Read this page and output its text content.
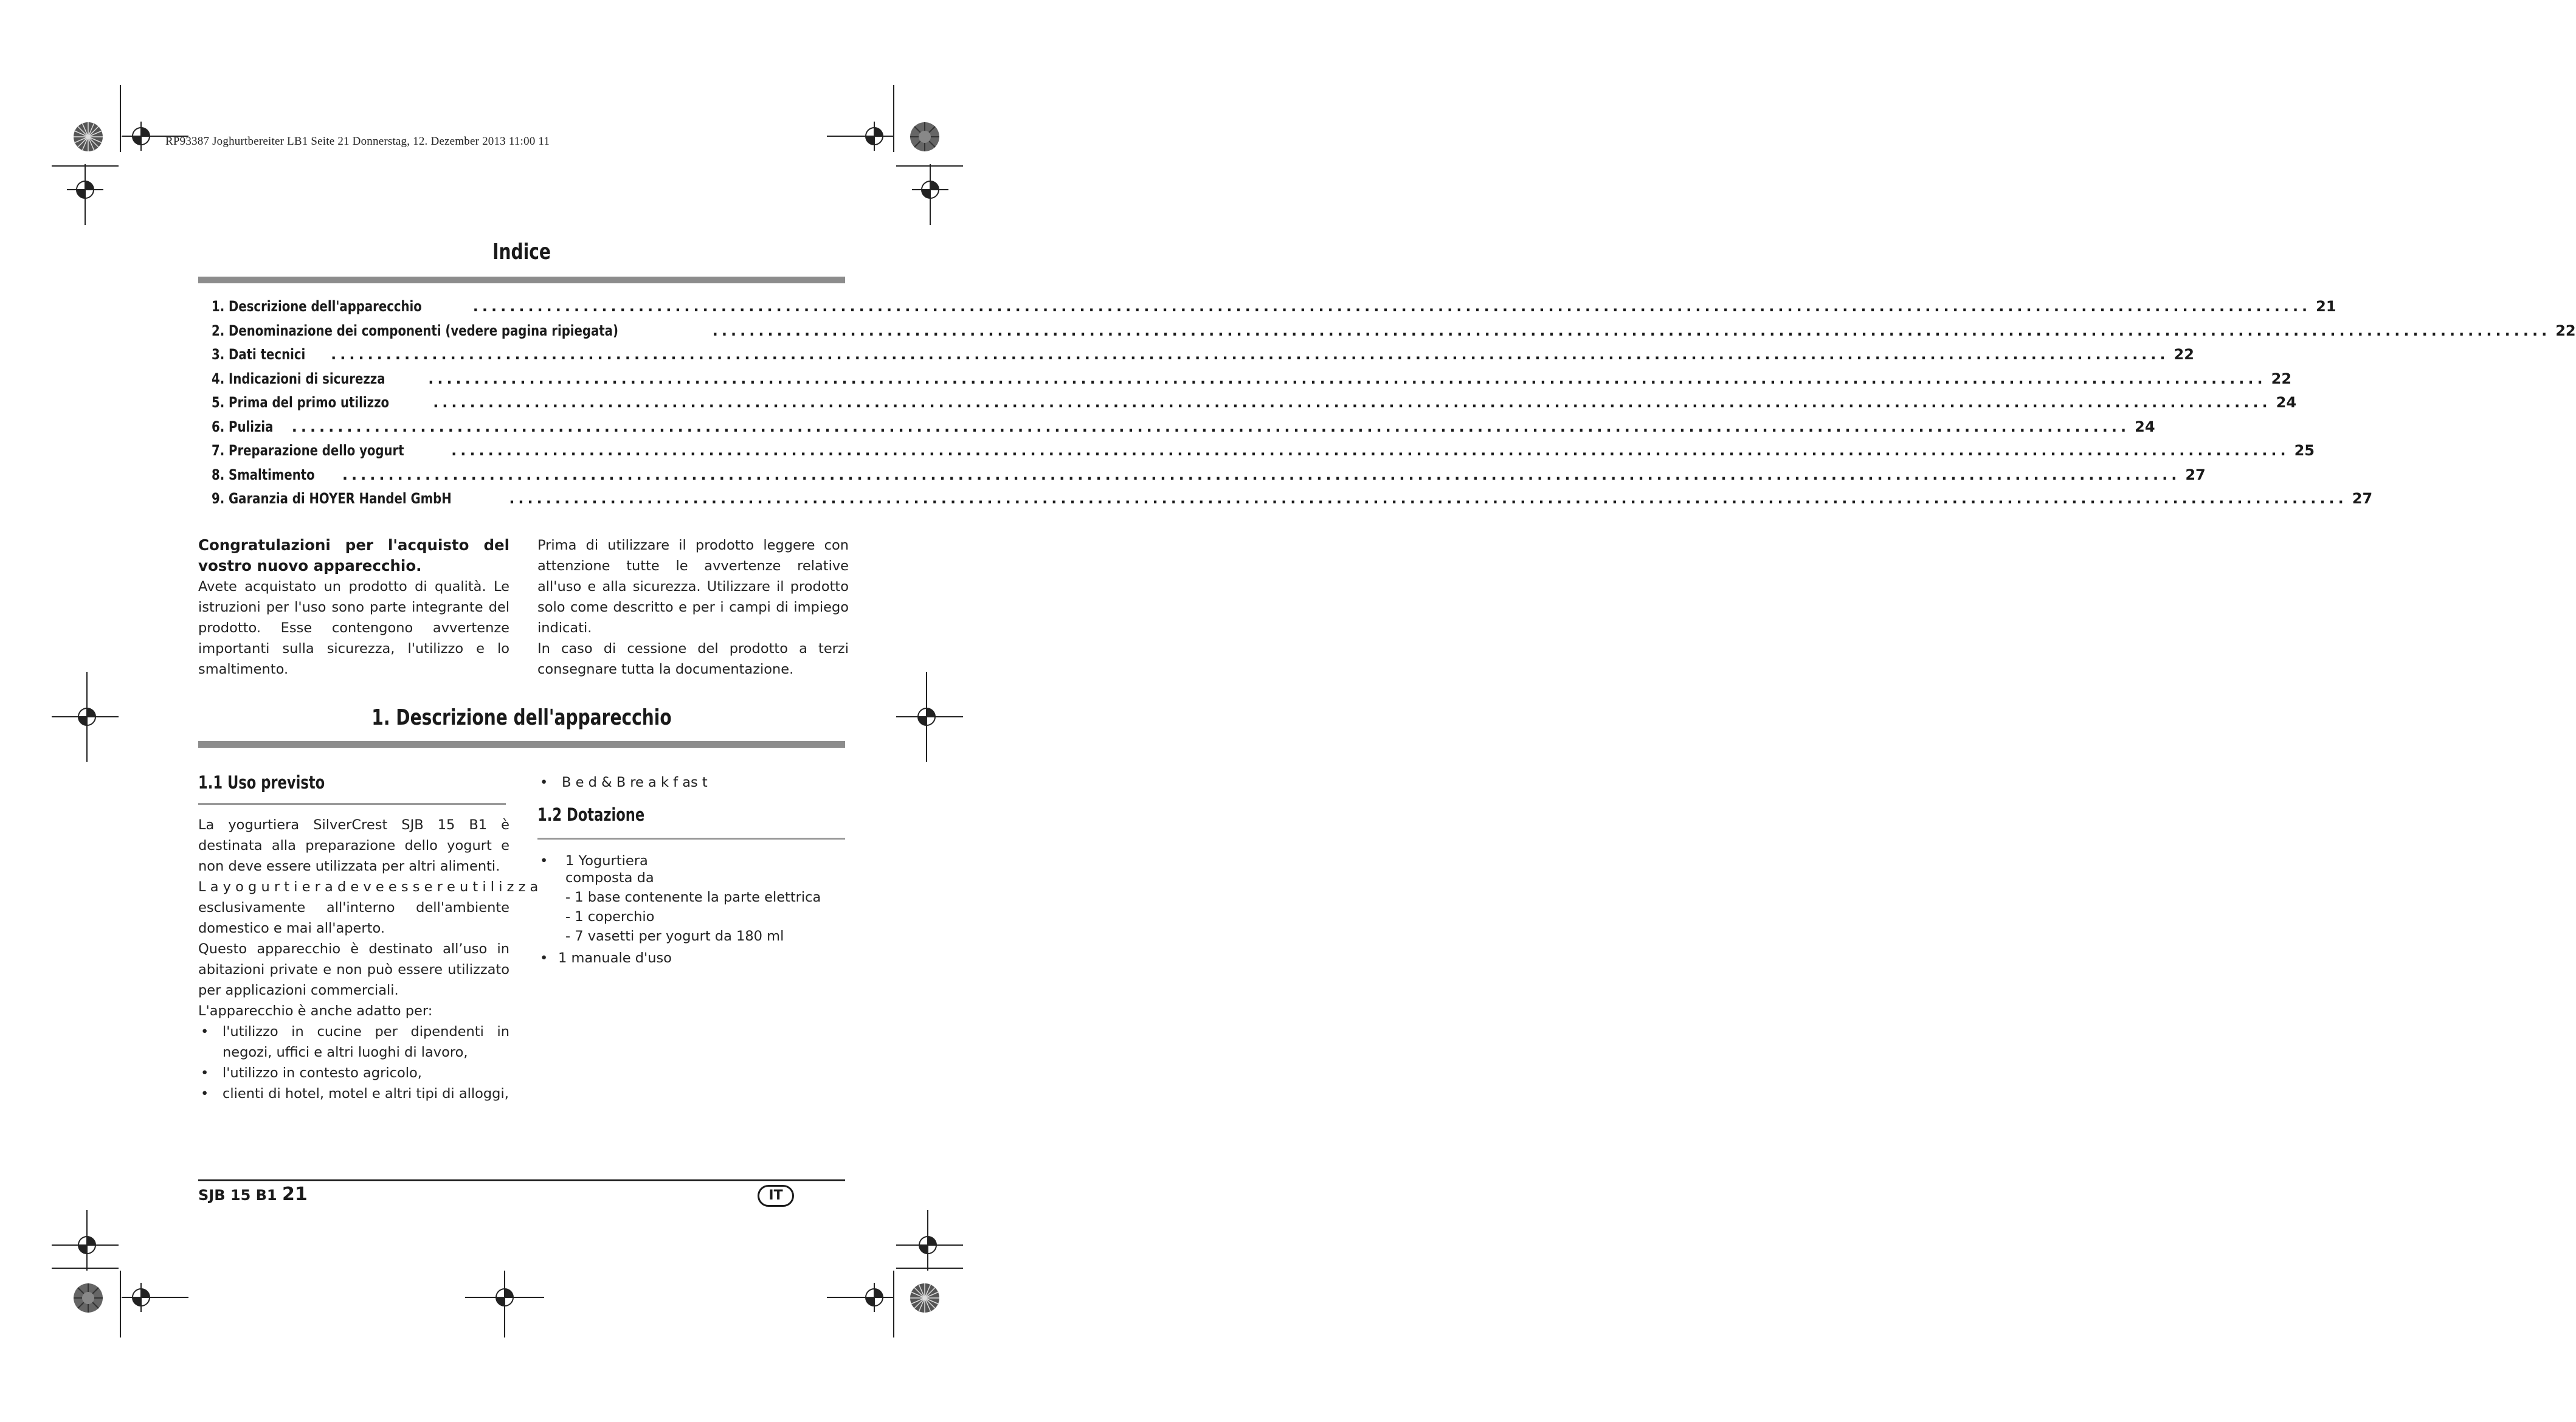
RP93387 Joghurtbereiter LB1 Seite 21 Donnerstag, 12. Dezember 2013 11:00 11
Indice
1. Descrizione dell'apparecchio	........................................................................................................................................................................................................ 21
2. Denominazione dei componenti (vedere pagina ripiegata)	........................................................................................................................................................................................................ 22
3. Dati tecnici ........................................................................................................................................................................................................ 22
4. Indicazioni di sicurezza	........................................................................................................................................................................................................ 22
5. Prima del primo utilizzo	........................................................................................................................................................................................................ 24
6. Pulizia ........................................................................................................................................................................................................ 24
7. Preparazione dello yogurt	........................................................................................................................................................................................................ 25
8. Smaltimento ........................................................................................................................................................................................................ 27
9. Garanzia di HOYER Handel GmbH	........................................................................................................................................................................................................ 27
Congratulazioni per l'acquisto del vostro nuovo apparecchio.
Avete acquistato un prodotto di qualità. Le istruzioni per l'uso sono parte integrante del prodotto. Esse contengono avvertenze importanti sulla sicurezza, l'utilizzo e lo smaltimento.
Prima di utilizzare il prodotto leggere con attenzione tutte le avvertenze relative all'uso e alla sicurezza. Utilizzare il prodotto solo come descritto e per i campi di impiego indicati.
In caso di cessione del prodotto a terzi consegnare tutta la documentazione.
1. Descrizione dell'apparecchio
1.1 Uso previsto
La yogurtiera SilverCrest SJB 15 B1 è destinata alla preparazione dello yogurt e non deve essere utilizzata per altri alimenti.
L a y o g u r t i e r a d e v e e s s e r e u t i l i z z a
esclusivamente all'interno dell'ambiente domestico e mai all'aperto.
Questo apparecchio è destinato all’uso in abitazioni private e non può essere utilizzato per applicazioni commerciali.
L'apparecchio è anche adatto per:
• l'utilizzo in cucine per dipendenti in negozi, uffici e altri luoghi di lavoro,
• l'utilizzo in contesto agricolo,
• clienti di hotel, motel e altri tipi di alloggi,
• B e d & B re a k f as t
1.2 Dotazione
• 1 Yogurtiera
composta da
- 1 base contenente la parte elettrica
- 1 coperchio
- 7 vasetti per yogurt da 180 ml
• 1 manuale d'uso
SJB 15 B1 21	IT
